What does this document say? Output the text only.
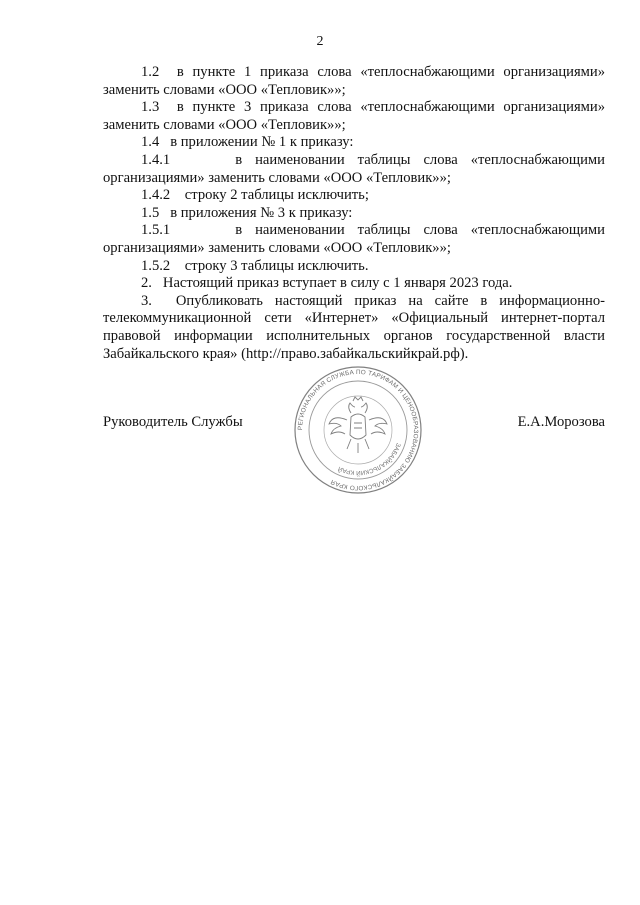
2

1.2 в пункте 1 приказа слова «теплоснабжающими организациями» заменить словами «ООО «Тепловик»»;

1.3 в пункте 3 приказа слова «теплоснабжающими организациями» заменить словами «ООО «Тепловик»»;

1.4 в приложении № 1 к приказу:

1.4.1	в наименовании таблицы слова «теплоснабжающими организациями» заменить словами «ООО «Тепловик»»;

1.4.2 строку 2 таблицы исключить;

1.5 в приложения № 3 к приказу:

1.5.1	в наименовании таблицы слова «теплоснабжающими организациями» заменить словами «ООО «Тепловик»»;

1.5.2 строку 3 таблицы исключить.

2. Настоящий приказ вступает в силу с 1 января 2023 года.

3. Опубликовать настоящий приказ на сайте в информационно-телекоммуникационной сети «Интернет» «Официальный интернет-портал правовой информации исполнительных органов государственной власти Забайкальского края» (http://право.забайкальскийкрай.рф).

РЕГИОНАЛЬНАЯ СЛУЖБА ПО ТАРИФАМ И ЦЕНООБРАЗОВАНИЮ ЗАБАЙКАЛЬСКОГО КРАЯ
ЗАБАЙКАЛЬСКИЙ КРАЙ
Руководитель Службы	Е.А.Морозова
